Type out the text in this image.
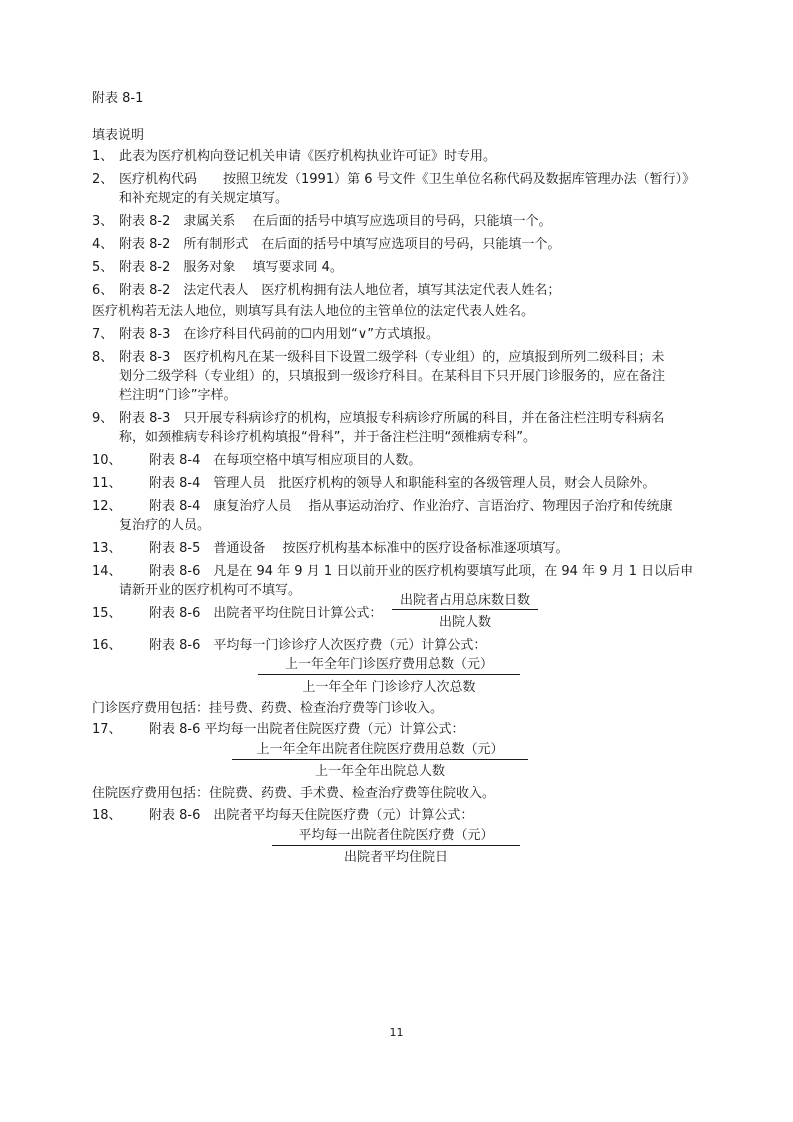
附表 8-1
填表说明
1、 此表为医疗机构向登记机关申请《医疗机构执业许可证》时专用。
2、 医疗机构代码　　按照卫统发（1991）第 6 号文件《卫生单位名称代码及数据库管理办法（暂行）》
和补充规定的有关规定填写。
3、 附表 8-2　隶属关系　 在后面的括号中填写应选项目的号码，只能填一个。
4、 附表 8-2　所有制形式　在后面的括号中填写应选项目的号码，只能填一个。
5、 附表 8-2　服务对象　 填写要求同 4。
6、 附表 8-2　法定代表人　医疗机构拥有法人地位者，填写其法定代表人姓名；
医疗机构若无法人地位，则填写具有法人地位的主管单位的法定代表人姓名。
7、 附表 8-3　在诊疗科目代码前的☐内用划“∨”方式填报。
8、 附表 8-3　医疗机构凡在某一级科目下设置二级学科（专业组）的，应填报到所列二级科目；未
划分二级学科（专业组）的，只填报到一级诊疗科目。在某科目下只开展门诊服务的，应在备注
栏注明“门诊”字样。
9、 附表 8-3　只开展专科病诊疗的机构，应填报专科病诊疗所属的科目，并在备注栏注明专科病名
称，如颈椎病专科诊疗机构填报“骨科”，并于备注栏注明“颈椎病专科”。
10、 附表 8-4　在每项空格中填写相应项目的人数。
11、 附表 8-4　管理人员　批医疗机构的领导人和职能科室的各级管理人员，财会人员除外。
12、 附表 8-4　康复治疗人员　 指从事运动治疗、作业治疗、言语治疗、物理因子治疗和传统康
复治疗的人员。
13、 附表 8-5　普通设备　 按医疗机构基本标准中的医疗设备标准逐项填写。
14、 附表 8-6　凡是在 94 年 9 月 1 日以前开业的医疗机构要填写此项，在 94 年 9 月 1 日以后申
请新开业的医疗机构可不填写。
15、 附表 8-6　出院者平均住院日计算公式：
出院者占用总床数日数
出院人数
16、 附表 8-6　平均每一门诊诊疗人次医疗费（元）计算公式：
上一年全年门诊医疗费用总数（元）
上一年全年 门诊诊疗人次总数
门诊医疗费用包括：挂号费、药费、检查治疗费等门诊收入。
17、 附表 8-6 平均每一出院者住院医疗费（元）计算公式：
上一年全年出院者住院医疗费用总数（元）
上一年全年出院总人数
住院医疗费用包括：住院费、药费、手术费、检查治疗费等住院收入。
18、 附表 8-6　出院者平均每天住院医疗费（元）计算公式：
平均每一出院者住院医疗费（元）
出院者平均住院日
11
